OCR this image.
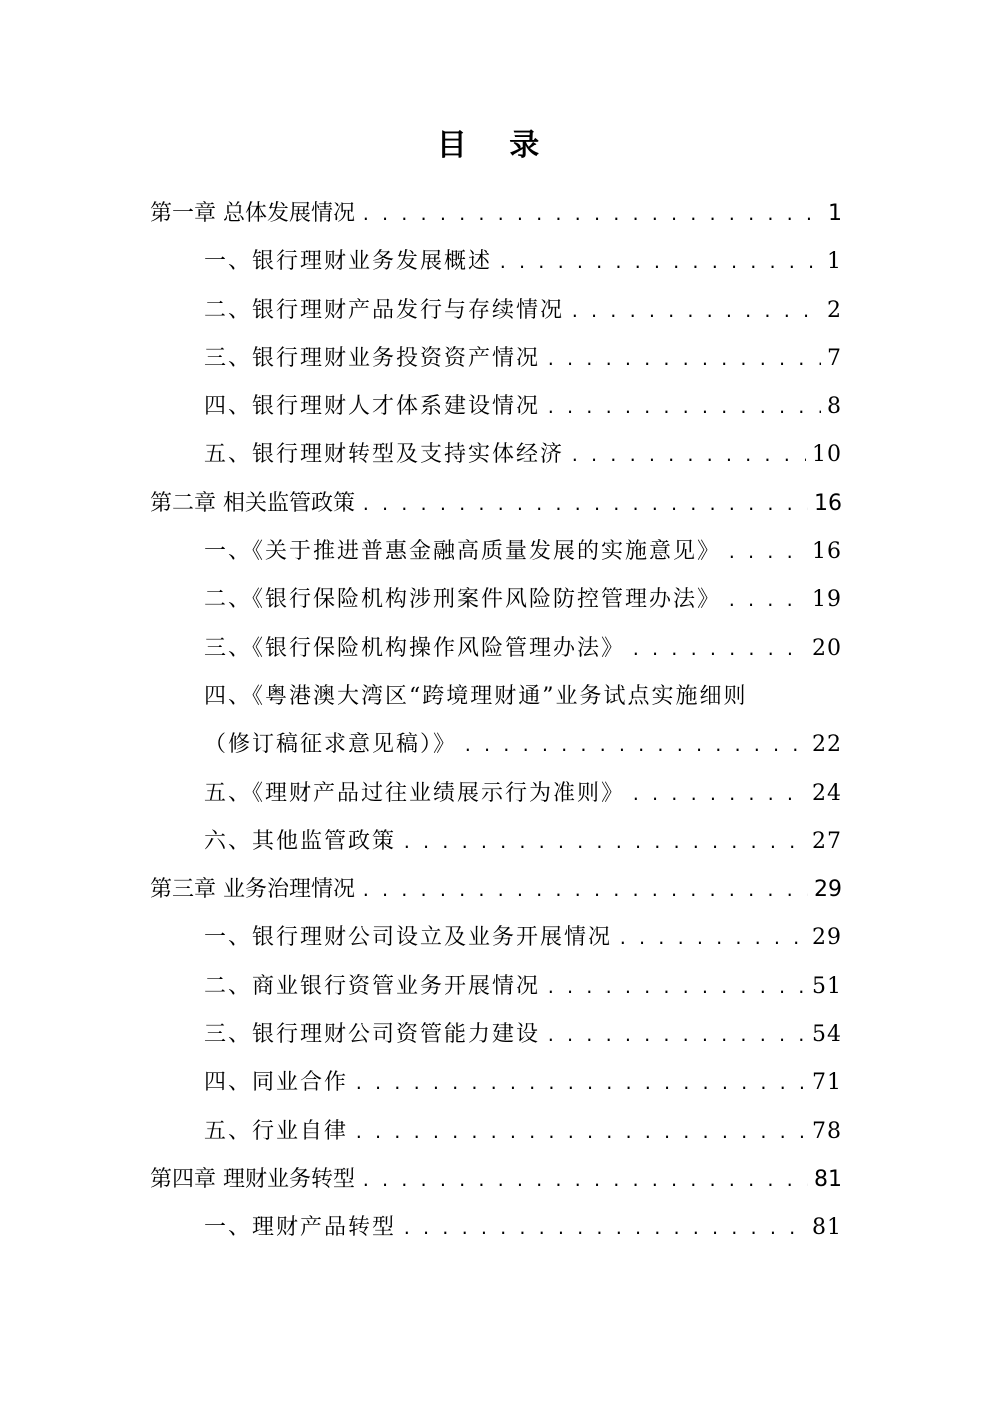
目 录
第一章 总体发展情况 . . .	1
一、银行理财业务发展概述 . . .	1
二、银行理财产品发行与存续情况 . . .	2
三、银行理财业务投资资产情况 . . .	7
四、银行理财人才体系建设情况 . . .	8
五、银行理财转型及支持实体经济 . . .	10
第二章 相关监管政策 . . .	16
一、《关于推进普惠金融高质量发展的实施意见》 . . .	16
二、《银行保险机构涉刑案件风险防控管理办法》 . . .	19
三、《银行保险机构操作风险管理办法》 . . .	20
四、《粤港澳大湾区“跨境理财通”业务试点实施细则
（修订稿征求意见稿）》 . . .	22
五、《理财产品过往业绩展示行为准则》 . . .	24
六、其他监管政策 . . .	27
第三章 业务治理情况 . . .	29
一、银行理财公司设立及业务开展情况 . . .	29
二、商业银行资管业务开展情况 . . .	51
三、银行理财公司资管能力建设 . . .	54
四、同业合作 . . .	71
五、行业自律 . . .	78
第四章 理财业务转型 . . .	81
一、理财产品转型 . . .	81
